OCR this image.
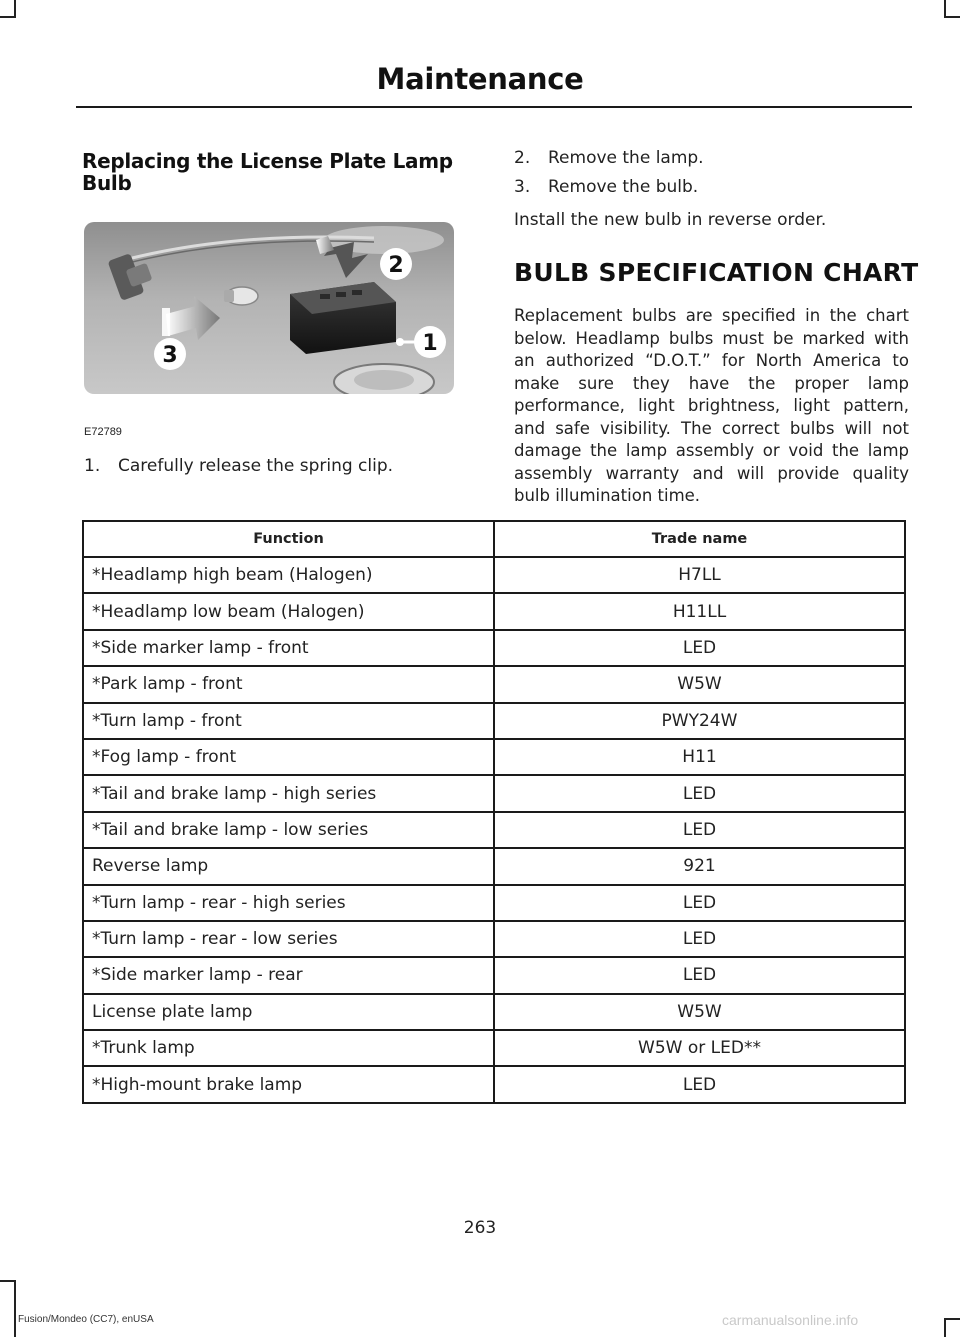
Maintenance
Replacing the License Plate Lamp Bulb
2
1
3
E72789
1. Carefully release the spring clip.
2. Remove the lamp.
3. Remove the bulb.
Install the new bulb in reverse order.
BULB SPECIFICATION CHART
Replacement bulbs are specified in the chart below. Headlamp bulbs must be marked with an authorized “D.O.T.” for North America to make sure they have the proper lamp performance, light brightness, light pattern, and safe visibility. The correct bulbs will not damage the lamp assembly or void the lamp assembly warranty and will provide quality bulb illumination time.
Function	Trade name
*Headlamp high beam (Halogen)	H7LL
*Headlamp low beam (Halogen)	H11LL
*Side marker lamp - front	LED
*Park lamp - front	W5W
*Turn lamp - front	PWY24W
*Fog lamp - front	H11
*Tail and brake lamp - high series	LED
*Tail and brake lamp - low series	LED
Reverse lamp	921
*Turn lamp - rear - high series	LED
*Turn lamp - rear - low series	LED
*Side marker lamp - rear	LED
License plate lamp	W5W
*Trunk lamp	W5W or LED**
*High-mount brake lamp	LED
263
Fusion/Mondeo (CC7), enUSA	carmanualsonline.info
